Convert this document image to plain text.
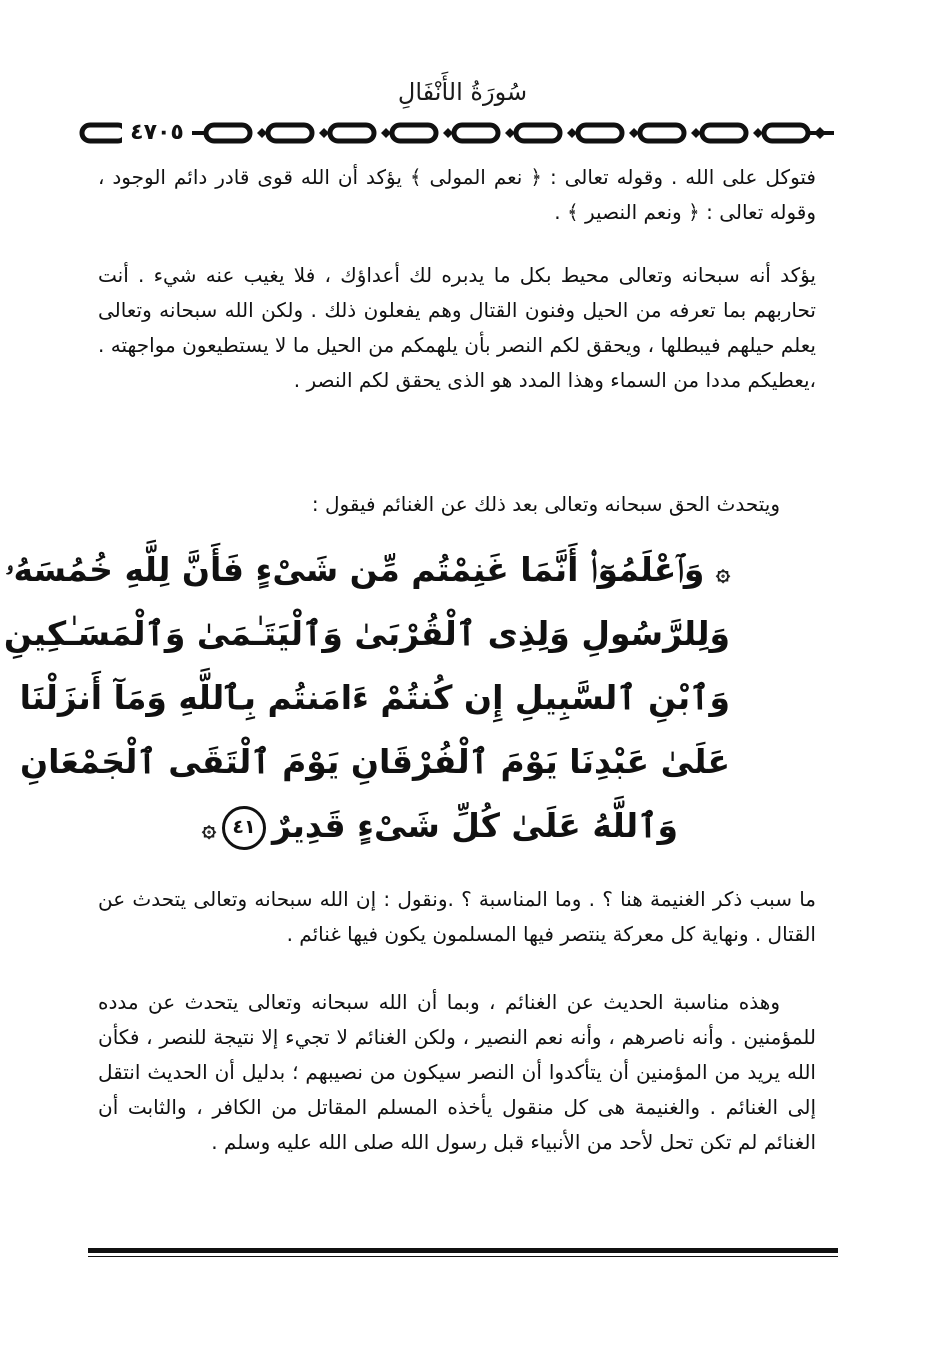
سُورَةُ الأَنْفَالِ
٤٧٠٥
فتوكل على الله . وقوله تعالى : ﴿ نعم المولى ﴾ يؤكد أن الله قوى قادر دائم الوجود ، وقوله تعالى : ﴿ ونعم النصير ﴾ .
يؤكد أنه سبحانه وتعالى محيط بكل ما يدبره لك أعداؤك ، فلا يغيب عنه شيء . أنت تحاربهم بما تعرفه من الحيل وفنون القتال وهم يفعلون ذلك . ولكن الله سبحانه وتعالى يعلم حيلهم فيبطلها ، ويحقق لكم النصر بأن يلهمكم من الحيل ما لا يستطيعون مواجهته . ،يعطيكم مددا من السماء وهذا المدد هو الذى يحقق لكم النصر .
ويتحدث الحق سبحانه وتعالى بعد ذلك عن الغنائم فيقول :
۞ وَٱعْلَمُوٓا۟ أَنَّمَا غَنِمْتُم مِّن شَىْءٍ فَأَنَّ لِلَّهِ خُمُسَهُۥ
وَلِلرَّسُولِ وَلِذِى ٱلْقُرْبَىٰ وَٱلْيَتَـٰمَىٰ وَٱلْمَسَـٰكِينِ
وَٱبْنِ ٱلسَّبِيلِ إِن كُنتُمْ ءَامَنتُم بِٱللَّهِ وَمَآ أَنزَلْنَا
عَلَىٰ عَبْدِنَا يَوْمَ ٱلْفُرْقَانِ يَوْمَ ٱلْتَقَى ٱلْجَمْعَانِ
وَٱللَّهُ عَلَىٰ كُلِّ شَىْءٍ قَدِيرٌ٤١۞
ما سبب ذكر الغنيمة هنا ؟ . وما المناسبة ؟ .ونقول : إن الله سبحانه وتعالى يتحدث عن القتال . ونهاية كل معركة ينتصر فيها المسلمون يكون فيها غنائم .
وهذه مناسبة الحديث عن الغنائم ، وبما أن الله سبحانه وتعالى يتحدث عن مدده للمؤمنين . وأنه ناصرهم ، وأنه نعم النصير ، ولكن الغنائم لا تجيء إلا نتيجة للنصر ، فكأن الله يريد من المؤمنين أن يتأكدوا أن النصر سيكون من نصيبهم ؛ بدليل أن الحديث انتقل إلى الغنائم . والغنيمة هى كل منقول يأخذه المسلم المقاتل من الكافر ، والثابت أن الغنائم لم تكن تحل لأحد من الأنبياء قبل رسول الله صلى الله عليه وسلم .
